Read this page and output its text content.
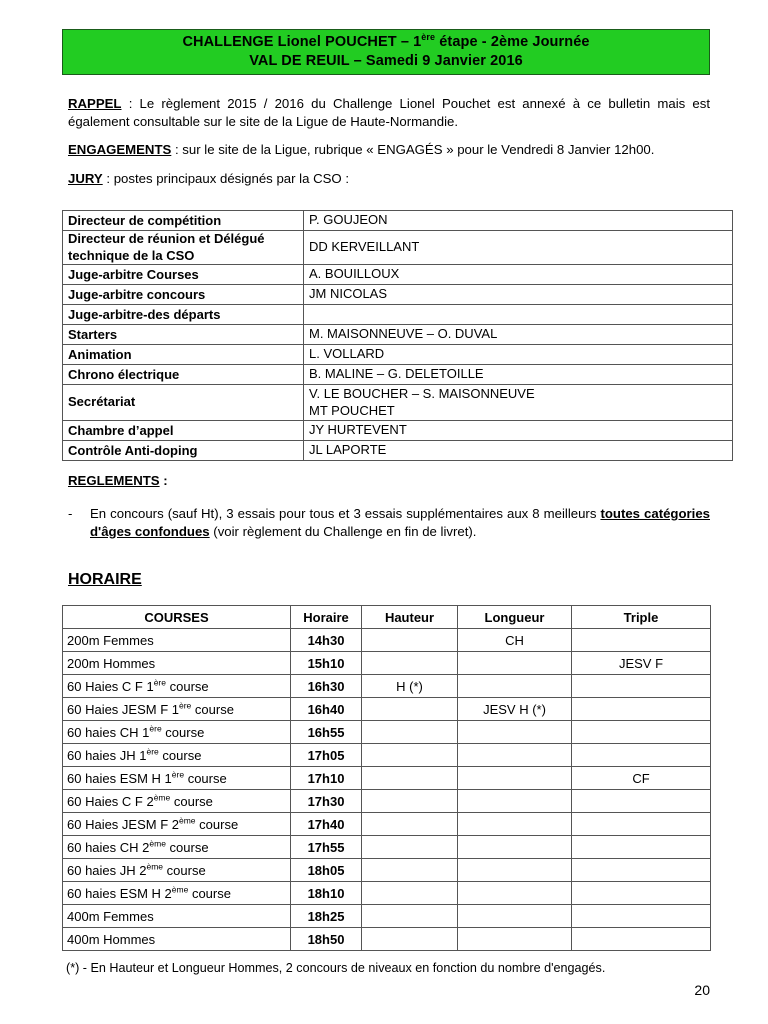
CHALLENGE Lionel POUCHET – 1ère étape - 2ème Journée
VAL DE REUIL – Samedi 9 Janvier 2016

RAPPEL : Le règlement 2015 / 2016 du Challenge Lionel Pouchet est annexé à ce bulletin mais est également consultable sur le site de la Ligue de Haute-Normandie.

ENGAGEMENTS : sur le site de la Ligue, rubrique « ENGAGÉS » pour le Vendredi 8 Janvier 12h00.

JURY : postes principaux désignés par la CSO :

Directeur de compétition	P. GOUJEON
Directeur de réunion et Délégué technique de la CSO	DD KERVEILLANT

Juge-arbitre Courses	A. BOUILLOUX
Juge-arbitre concours	JM NICOLAS
Juge-arbitre-des départs	
Starters	M. MAISONNEUVE – O. DUVAL
Animation	L. VOLLARD
Chrono électrique	B. MALINE – G. DELETOILLE
Secrétariat	V. LE BOUCHER – S. MAISONNEUVE
MT POUCHET

Chambre d’appel	JY HURTEVENT
Contrôle Anti-doping	JL LAPORTE
REGLEMENTS :
-	En concours (sauf Ht), 3 essais pour tous et 3 essais supplémentaires aux 8 meilleurs toutes catégories d'âges confondues (voir règlement du Challenge en fin de livret).
HORAIRE
COURSES	Horaire	Hauteur	Longueur	Triple
200m Femmes	14h30		CH	
200m Hommes	15h10			JESV F
60 Haies C F 1ère course	16h30	H (*)		
60 Haies JESM F 1ère course	16h40		JESV H (*)	
60 haies CH 1ère course	16h55			
60 haies JH 1ère course	17h05			
60 haies ESM H 1ère course	17h10			CF
60 Haies C F 2ème course	17h30			
60 Haies JESM F 2ème course	17h40			
60 haies CH 2ème course	17h55			
60 haies JH 2ème course	18h05			
60 haies ESM H 2ème course	18h10			
400m Femmes	18h25			
400m Hommes	18h50			
(*) - En Hauteur et Longueur Hommes, 2 concours de niveaux en fonction du nombre d'engagés.
20
